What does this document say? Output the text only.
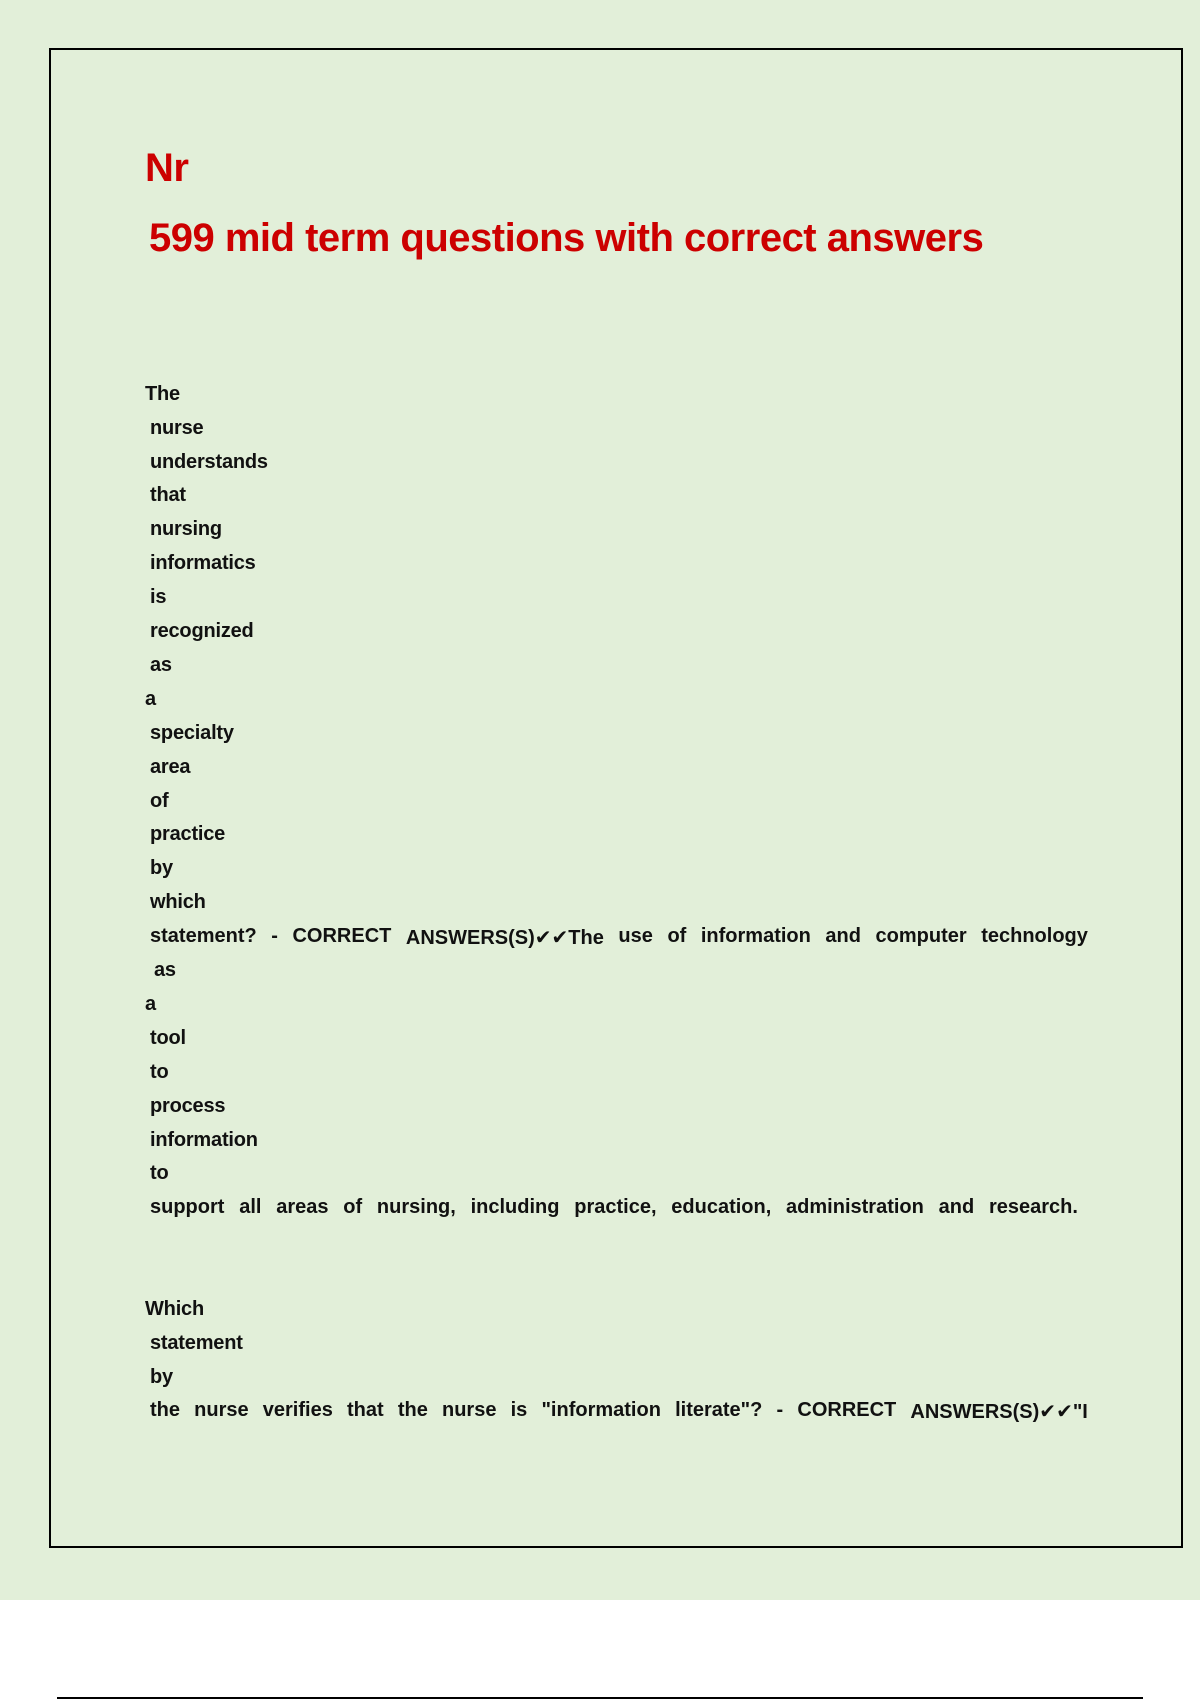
Nr
599 mid term questions with correct answers
The
nurse
understands
that
nursing
informatics
is
recognized
as
a
specialty
area
of
practice
by
which
statement? - CORRECT ANSWERS(S)✔✔The use of information and computer technology
as
a
tool
to
process
information
to
support all areas of nursing, including practice, education, administration and research.
Which
statement
by
the nurse verifies that the nurse is "information literate"? - CORRECT ANSWERS(S)✔✔"I
